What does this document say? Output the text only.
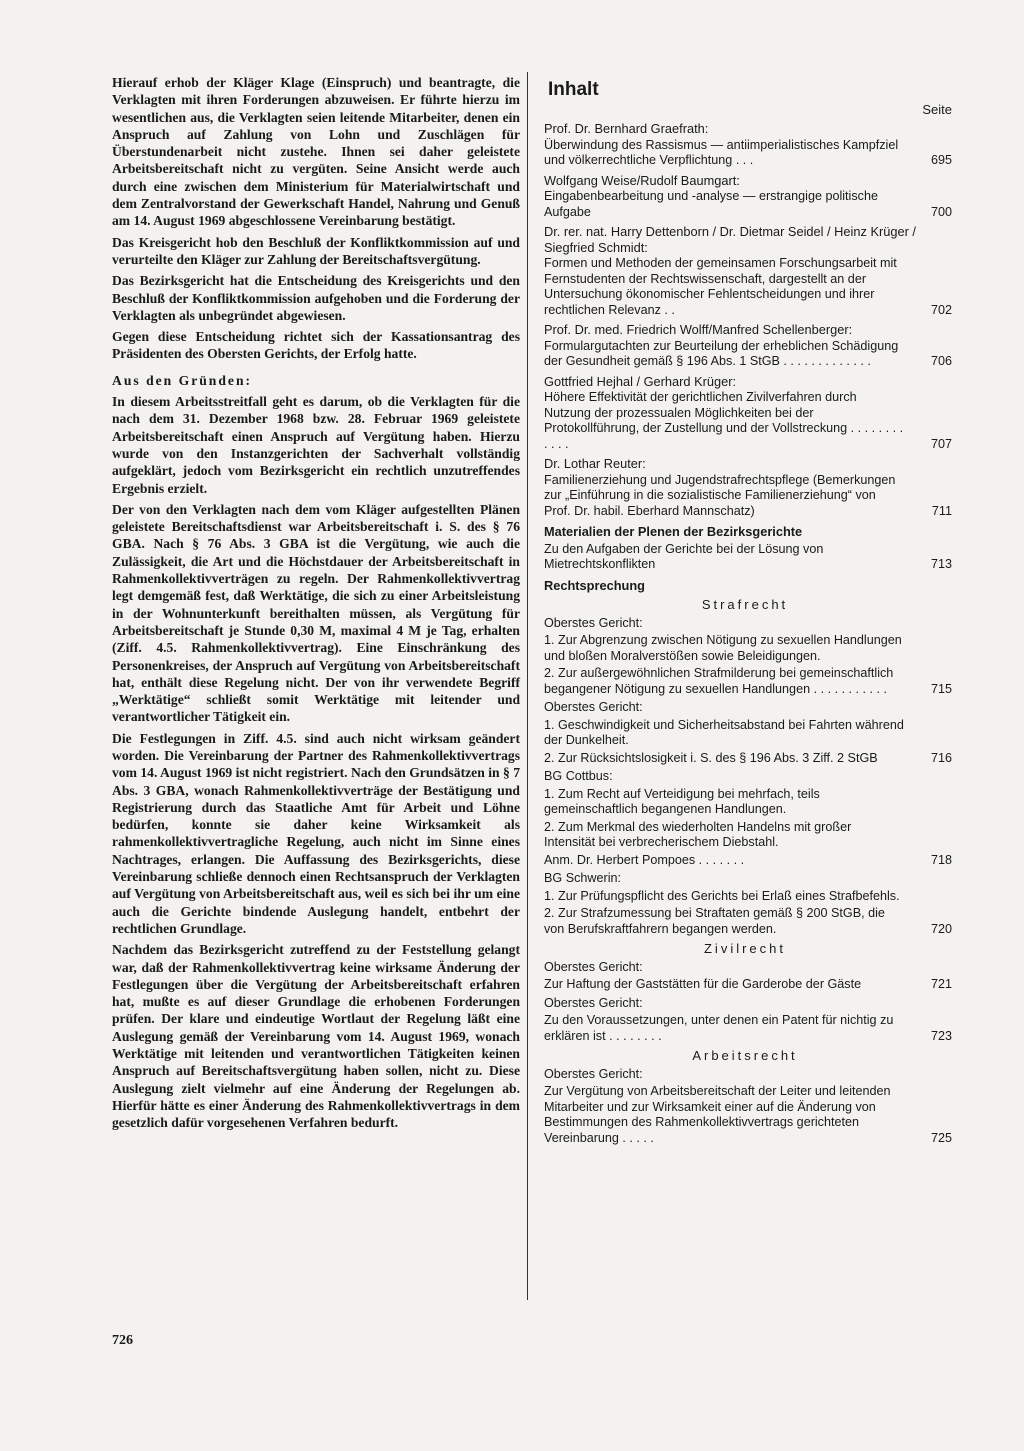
Hierauf erhob der Kläger Klage (Einspruch) und beantragte, die Verklagten mit ihren Forderungen abzuweisen. Er führte hierzu im wesentlichen aus, die Verklagten seien leitende Mitarbeiter, denen ein Anspruch auf Zahlung von Lohn und Zuschlägen für Überstundenarbeit nicht zustehe. Ihnen sei daher geleistete Arbeitsbereitschaft nicht zu vergüten. Seine Ansicht werde auch durch eine zwischen dem Ministerium für Materialwirtschaft und dem Zentralvorstand der Gewerkschaft Handel, Nahrung und Genuß am 14. August 1969 abgeschlossene Vereinbarung bestätigt.

Das Kreisgericht hob den Beschluß der Konfliktkommission auf und verurteilte den Kläger zur Zahlung der Bereitschaftsvergütung.

Das Bezirksgericht hat die Entscheidung des Kreisgerichts und den Beschluß der Konfliktkommission aufgehoben und die Forderung der Verklagten als unbegründet abgewiesen.

Gegen diese Entscheidung richtet sich der Kassationsantrag des Präsidenten des Obersten Gerichts, der Erfolg hatte.

Aus den Gründen:

In diesem Arbeitsstreitfall geht es darum, ob die Verklagten für die nach dem 31. Dezember 1968 bzw. 28. Februar 1969 geleistete Arbeitsbereitschaft einen Anspruch auf Vergütung haben. Hierzu wurde von den Instanzgerichten der Sachverhalt vollständig aufgeklärt, jedoch vom Bezirksgericht ein rechtlich unzutreffendes Ergebnis erzielt.

Der von den Verklagten nach dem vom Kläger aufgestellten Plänen geleistete Bereitschaftsdienst war Arbeitsbereitschaft i. S. des § 76 GBA. Nach § 76 Abs. 3 GBA ist die Vergütung, wie auch die Zulässigkeit, die Art und die Höchstdauer der Arbeitsbereitschaft in Rahmenkollektivverträgen zu regeln. Der Rahmenkollektivvertrag legt demgemäß fest, daß Werktätige, die sich zu einer Arbeitsleistung in der Wohnunterkunft bereithalten müssen, als Vergütung für Arbeitsbereitschaft je Stunde 0,30 M, maximal 4 M je Tag, erhalten (Ziff. 4.5. Rahmenkollektivvertrag). Eine Einschränkung des Personenkreises, der Anspruch auf Vergütung von Arbeitsbereitschaft hat, enthält diese Regelung nicht. Der von ihr verwendete Begriff „Werktätige“ schließt somit Werktätige mit leitender und verantwortlicher Tätigkeit ein.

Die Festlegungen in Ziff. 4.5. sind auch nicht wirksam geändert worden. Die Vereinbarung der Partner des Rahmenkollektivvertrags vom 14. August 1969 ist nicht registriert. Nach den Grundsätzen in § 7 Abs. 3 GBA, wonach Rahmenkollektivverträge der Bestätigung und Registrierung durch das Staatliche Amt für Arbeit und Löhne bedürfen, konnte sie daher keine Wirksamkeit als rahmenkollektivvertragliche Regelung, auch nicht im Sinne eines Nachtrages, erlangen. Die Auffassung des Bezirksgerichts, diese Vereinbarung schließe dennoch einen Rechtsanspruch der Verklagten auf Vergütung von Arbeitsbereitschaft aus, weil es sich bei ihr um eine auch die Gerichte bindende Auslegung handelt, entbehrt der rechtlichen Grundlage.

Nachdem das Bezirksgericht zutreffend zu der Feststellung gelangt war, daß der Rahmenkollektivvertrag keine wirksame Änderung der Festlegungen über die Vergütung der Arbeitsbereitschaft erfahren hat, mußte es auf dieser Grundlage die erhobenen Forderungen prüfen. Der klare und eindeutige Wortlaut der Regelung läßt eine Auslegung gemäß der Vereinbarung vom 14. August 1969, wonach Werktätige mit leitenden und verantwortlichen Tätigkeiten keinen Anspruch auf Bereitschaftsvergütung haben sollen, nicht zu. Diese Auslegung zielt vielmehr auf eine Änderung der Regelungen ab. Hierfür hätte es einer Änderung des Rahmenkollektivvertrags in dem gesetzlich dafür vorgesehenen Verfahren bedurft.

Inhalt
Seite
Prof. Dr. Bernhard Graefrath:
Überwindung des Rassismus — antiimperialistisches Kampfziel und völkerrechtliche Verpflichtung . . .	695
Wolfgang Weise/Rudolf Baumgart:
Eingabenbearbeitung und -analyse — erstrangige politische Aufgabe	700
Dr. rer. nat. Harry Dettenborn / Dr. Dietmar Seidel / Heinz Krüger / Siegfried Schmidt:
Formen und Methoden der gemeinsamen Forschungsarbeit mit Fernstudenten der Rechtswissenschaft, dargestellt an der Untersuchung ökonomischer Fehlentscheidungen und ihrer rechtlichen Relevanz . .	702
Prof. Dr. med. Friedrich Wolff/Manfred Schellenberger:
Formulargutachten zur Beurteilung der erheblichen Schädigung der Gesundheit gemäß § 196 Abs. 1 StGB . . . . . . . . . . . . .	706
Gottfried Hejhal / Gerhard Krüger:
Höhere Effektivität der gerichtlichen Zivilverfahren durch Nutzung der prozessualen Möglichkeiten bei der Protokollführung, der Zustellung und der Vollstreckung . . . . . . . . . . . .	707
Dr. Lothar Reuter:
Familienerziehung und Jugendstrafrechtspflege (Bemerkungen zur „Einführung in die sozialistische Familienerziehung“ von Prof. Dr. habil. Eberhard Mannschatz)	711
Materialien der Plenen der Bezirksgerichte
Zu den Aufgaben der Gerichte bei der Lösung von Mietrechtskonflikten	713
Rechtsprechung
Strafrecht
Oberstes Gericht:
1. Zur Abgrenzung zwischen Nötigung zu sexuellen Handlungen und bloßen Moralverstößen sowie Beleidigungen.
2. Zur außergewöhnlichen Strafmilderung bei gemeinschaftlich begangener Nötigung zu sexuellen Handlungen . . . . . . . . . . .	715
Oberstes Gericht:
1. Geschwindigkeit und Sicherheitsabstand bei Fahrten während der Dunkelheit.
2. Zur Rücksichtslosigkeit i. S. des § 196 Abs. 3 Ziff. 2 StGB	716
BG Cottbus:
1. Zum Recht auf Verteidigung bei mehrfach, teils gemeinschaftlich begangenen Handlungen.
2. Zum Merkmal des wiederholten Handelns mit großer Intensität bei verbrecherischem Diebstahl.
Anm. Dr. Herbert Pompoes . . . . . . .	718
BG Schwerin:
1. Zur Prüfungspflicht des Gerichts bei Erlaß eines Strafbefehls.
2. Zur Strafzumessung bei Straftaten gemäß § 200 StGB, die von Berufskraftfahrern begangen werden.	720
Zivilrecht
Oberstes Gericht:
Zur Haftung der Gaststätten für die Garderobe der Gäste	721
Oberstes Gericht:
Zu den Voraussetzungen, unter denen ein Patent für nichtig zu erklären ist . . . . . . . .	723
Arbeitsrecht
Oberstes Gericht:
Zur Vergütung von Arbeitsbereitschaft der Leiter und leitenden Mitarbeiter und zur Wirksamkeit einer auf die Änderung von Bestimmungen des Rahmenkollektivvertrags gerichteten Vereinbarung . . . . .	725
726
